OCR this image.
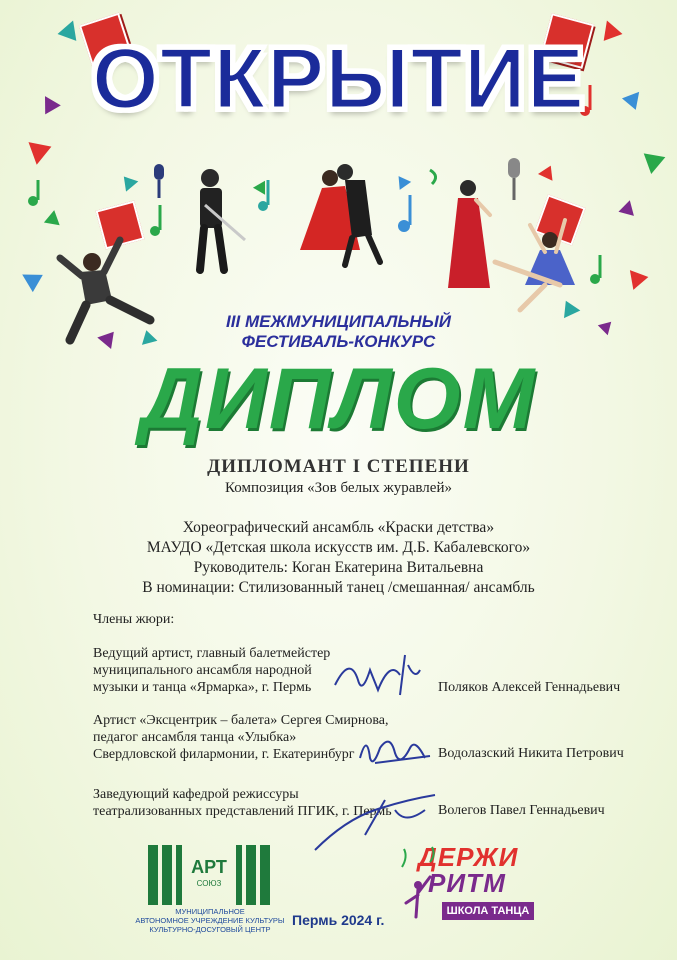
ОТКРЫТИЕ
III МЕЖМУНИЦИПАЛЬНЫЙ
ФЕСТИВАЛЬ-КОНКУРС
ДИПЛОМ
ДИПЛОМАНТ I СТЕПЕНИ
Композиция «Зов белых журавлей»
Хореографический ансамбль «Краски детства»
МАУДО «Детская школа искусств им. Д.Б. Кабалевского»
Руководитель: Коган Екатерина Витальевна
В номинации: Стилизованный танец /смешанная/ ансамбль
Члены жюри:
Ведущий артист, главный балетмейстер
муниципального ансамбля народной
музыки и танца «Ярмарка», г. Пермь	Поляков Алексей Геннадьевич
Артист «Эксцентрик – балета» Сергея Смирнова,
педагог ансамбля танца «Улыбка»
Свердловской филармонии, г. Екатеринбург	Водолазский Никита Петрович
Заведующий кафедрой режиссуры
театрализованных представлений ПГИК, г. Пермь	Волегов Павел Геннадьевич
АРТ
СОЮЗ
МУНИЦИПАЛЬНОЕ
АВТОНОМНОЕ УЧРЕЖДЕНИЕ КУЛЬТУРЫ
КУЛЬТУРНО-ДОСУГОВЫЙ ЦЕНТР
Пермь 2024 г.
ДЕРЖИ
РИТМ
ШКОЛА ТАНЦА
